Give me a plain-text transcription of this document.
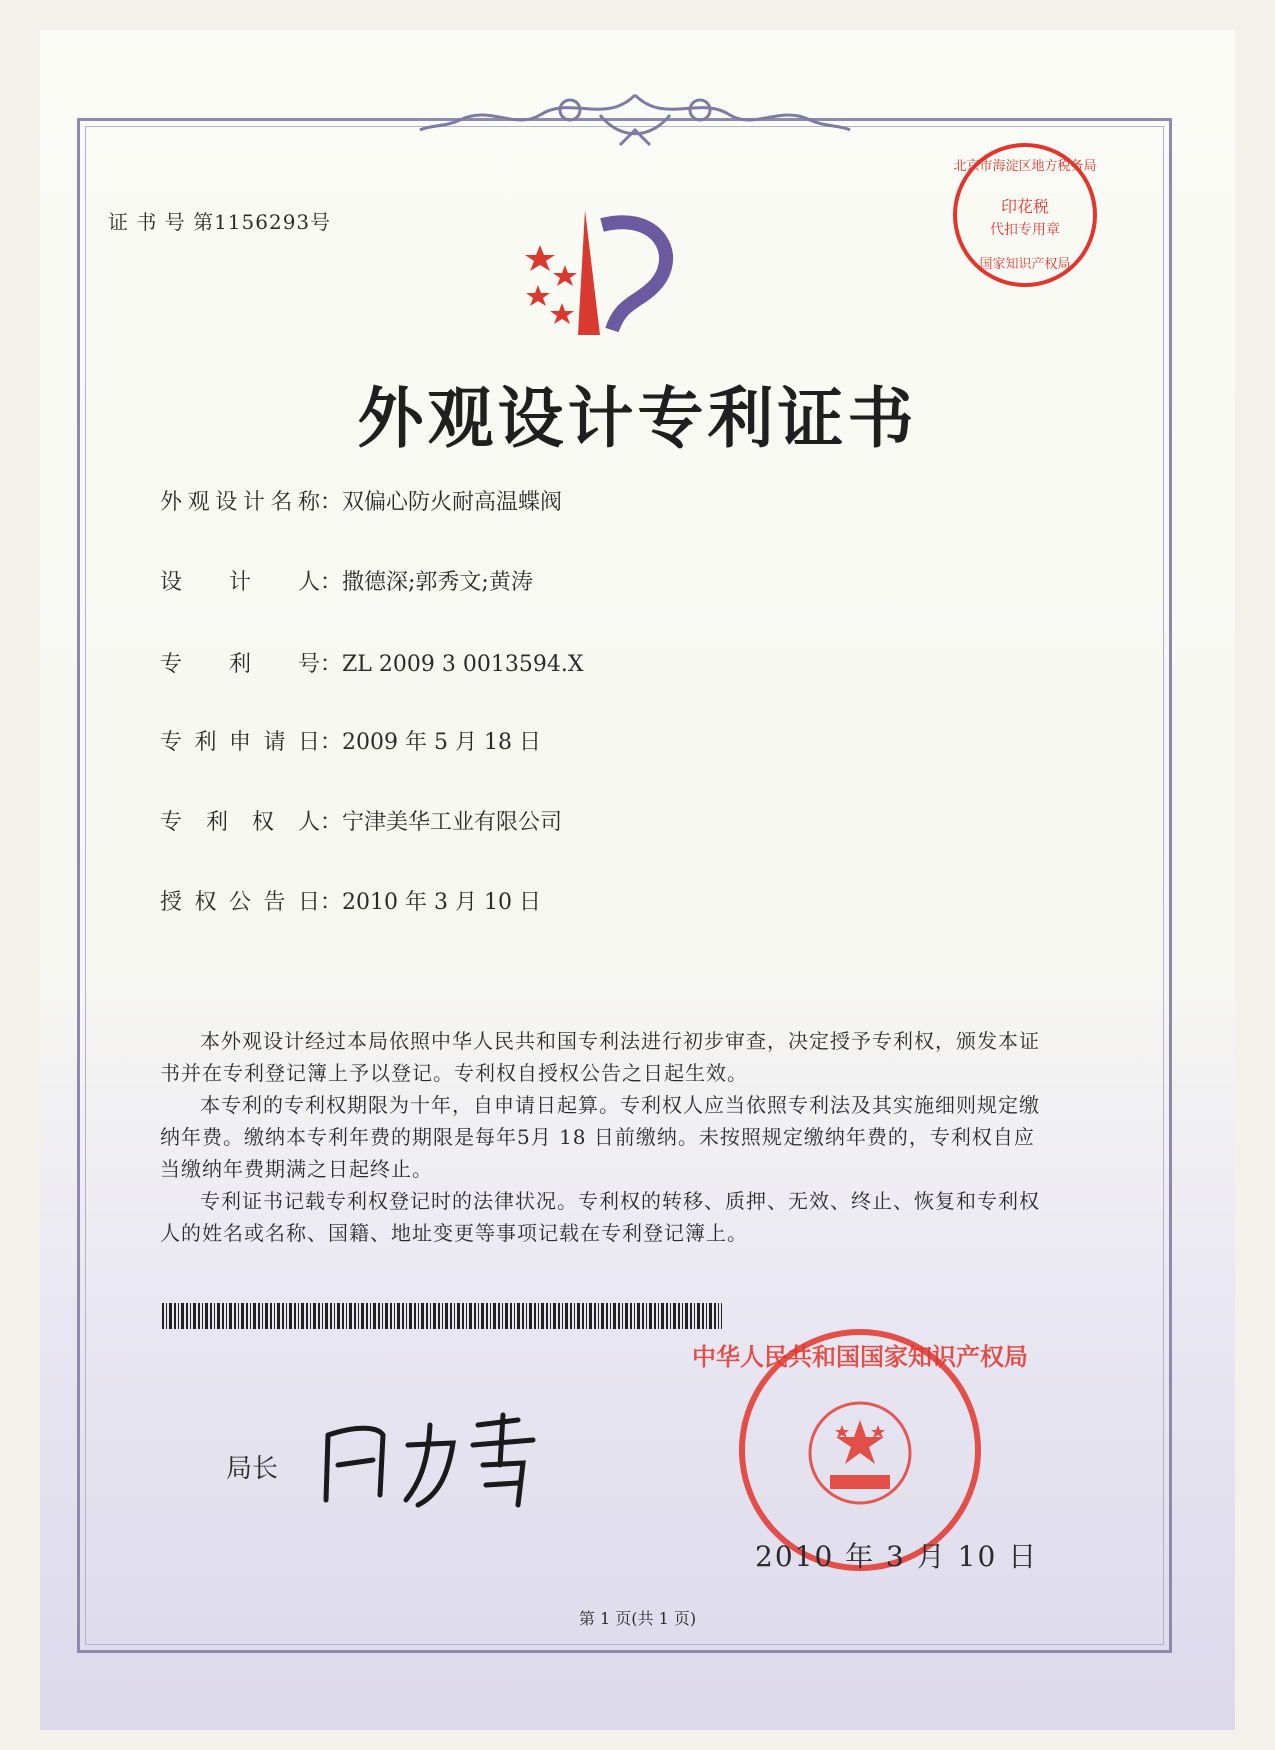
证 书 号 第1156293号
印花税
代扣专用章
北京市海淀区地方税务局
国家知识产权局
外观设计专利证书
外观设计名称：双偏心防火耐高温蝶阀
设计人：撒德深;郭秀文;黄涛
专利号：ZL 2009 3 0013594.X
专利申请日：2009 年 5 月 18 日
专利权人：宁津美华工业有限公司
授权公告日：2010 年 3 月 10 日

本外观设计经过本局依照中华人民共和国专利法进行初步审查，决定授予专利权，颁发本证书并在专利登记簿上予以登记。专利权自授权公告之日起生效。

本专利的专利权期限为十年，自申请日起算。专利权人应当依照专利法及其实施细则规定缴纳年费。缴纳本专利年费的期限是每年5月 18 日前缴纳。未按照规定缴纳年费的，专利权自应当缴纳年费期满之日起终止。

专利证书记载专利权登记时的法律状况。专利权的转移、质押、无效、终止、恢复和专利权人的姓名或名称、国籍、地址变更等事项记载在专利登记簿上。

局长
中华人民共和国国家知识产权局
2010 年 3 月 10 日
第 1 页(共 1 页)
